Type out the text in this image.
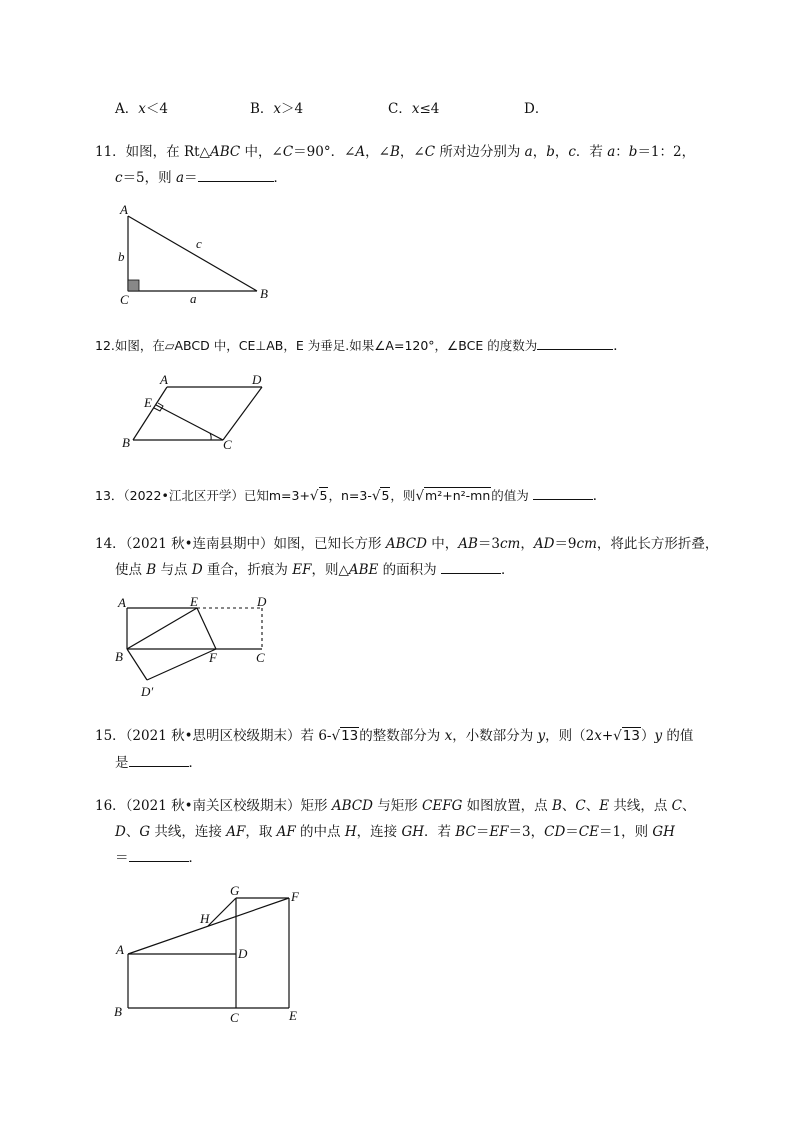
A．x＜4	B．x＞4	C．x≤4	D．
11．如图，在 Rt△ABC 中，∠C＝90°．∠A，∠B，∠C 所对边分别为 a，b，c．若 a：b＝1：2，
c＝5，则 a＝	．
A
B
C	a
b
c
12.如图，在▱ABCD 中，CE⊥AB，E 为垂足.如果∠A=120°，∠BCE 的度数为	．
A	D
E
B	C
13．（2022•江北区开学）已知m=3+√5，n=3-√5，则√m²+n²-mn的值为	．
14．（2021 秋•连南县期中）如图，已知长方形 ABCD 中，AB＝3cm，AD＝9cm，将此长方形折叠，
使点 B 与点 D 重合，折痕为 EF，则△ABE 的面积为	．
A	E	D
B	F	C
D′
15．（2021 秋•思明区校级期末）若 6-√13的整数部分为 x，小数部分为 y，则（2x+√13）y 的值
是	．
16．（2021 秋•南关区校级期末）矩形 ABCD 与矩形 CEFG 如图放置，点 B、C、E 共线，点 C、
D、G 共线，连接 AF，取 AF 的中点 H，连接 GH．若 BC＝EF＝3，CD＝CE＝1，则 GH
＝	．
G	F
H
A	D
B	C	E
